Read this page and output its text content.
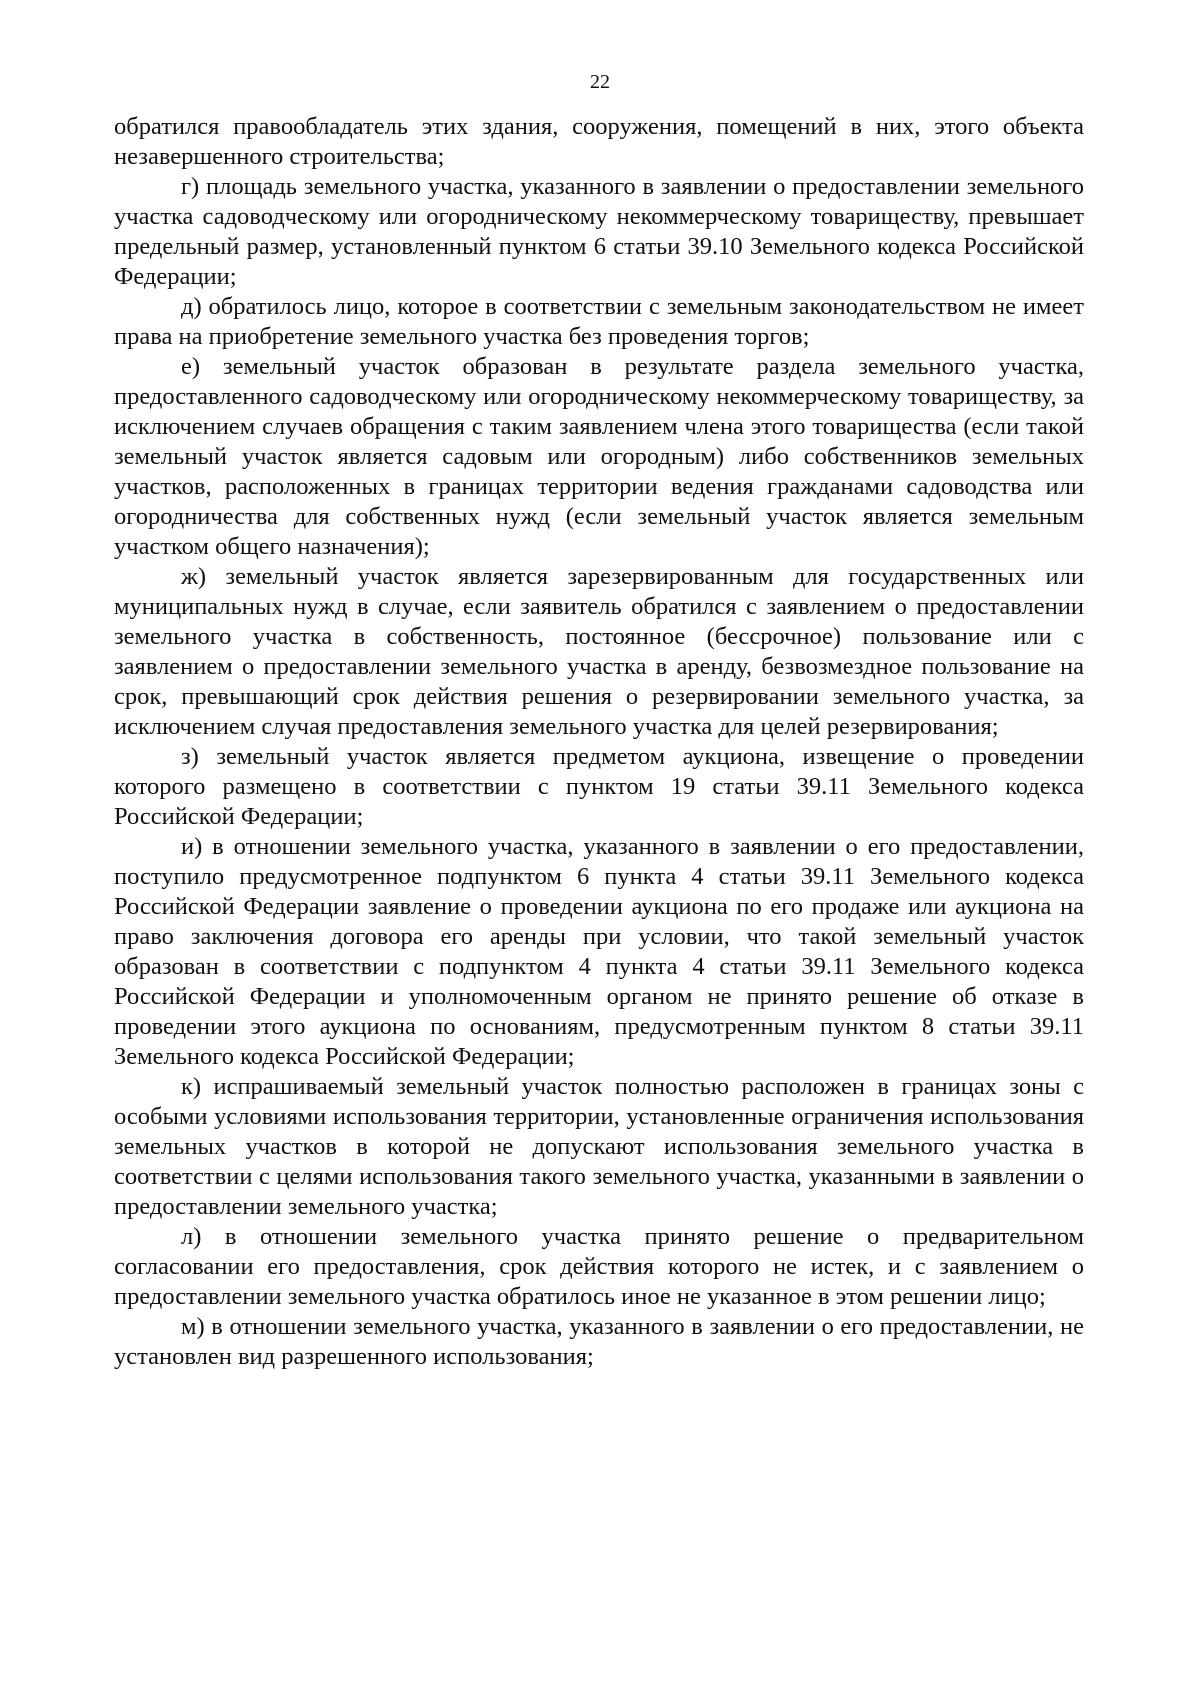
22

обратился правообладатель этих здания, сооружения, помещений в них, этого объекта незавершенного строительства;

г) площадь земельного участка, указанного в заявлении о предоставлении земельного участка садоводческому или огородническому некоммерческому товариществу, превышает предельный размер, установленный пунктом 6 статьи 39.10 Земельного кодекса Российской Федерации;

д) обратилось лицо, которое в соответствии с земельным законодательством не имеет права на приобретение земельного участка без проведения торгов;

е) земельный участок образован в результате раздела земельного участка, предоставленного садоводческому или огородническому некоммерческому товариществу, за исключением случаев обращения с таким заявлением члена этого товарищества (если такой земельный участок является садовым или огородным) либо собственников земельных участков, расположенных в границах территории ведения гражданами садоводства или огородничества для собственных нужд (если земельный участок является земельным участком общего назначения);

ж) земельный участок является зарезервированным для государственных или муниципальных нужд в случае, если заявитель обратился с заявлением о предоставлении земельного участка в собственность, постоянное (бессрочное) пользование или с заявлением о предоставлении земельного участка в аренду, безвозмездное пользование на срок, превышающий срок действия решения о резервировании земельного участка, за исключением случая предоставления земельного участка для целей резервирования;

з) земельный участок является предметом аукциона, извещение о проведении которого размещено в соответствии с пунктом 19 статьи 39.11 Земельного кодекса Российской Федерации;

и) в отношении земельного участка, указанного в заявлении о его предоставлении, поступило предусмотренное подпунктом 6 пункта 4 статьи 39.11 Земельного кодекса Российской Федерации заявление о проведении аукциона по его продаже или аукциона на право заключения договора его аренды при условии, что такой земельный участок образован в соответствии с подпунктом 4 пункта 4 статьи 39.11 Земельного кодекса Российской Федерации и уполномоченным органом не принято решение об отказе в проведении этого аукциона по основаниям, предусмотренным пунктом 8 статьи 39.11 Земельного кодекса Российской Федерации;

к) испрашиваемый земельный участок полностью расположен в границах зоны с особыми условиями использования территории, установленные ограничения использования земельных участков в которой не допускают использования земельного участка в соответствии с целями использования такого земельного участка, указанными в заявлении о предоставлении земельного участка;

л) в отношении земельного участка принято решение о предварительном согласовании его предоставления, срок действия которого не истек, и с заявлением о предоставлении земельного участка обратилось иное не указанное в этом решении лицо;

м) в отношении земельного участка, указанного в заявлении о его предоставлении, не установлен вид разрешенного использования;
